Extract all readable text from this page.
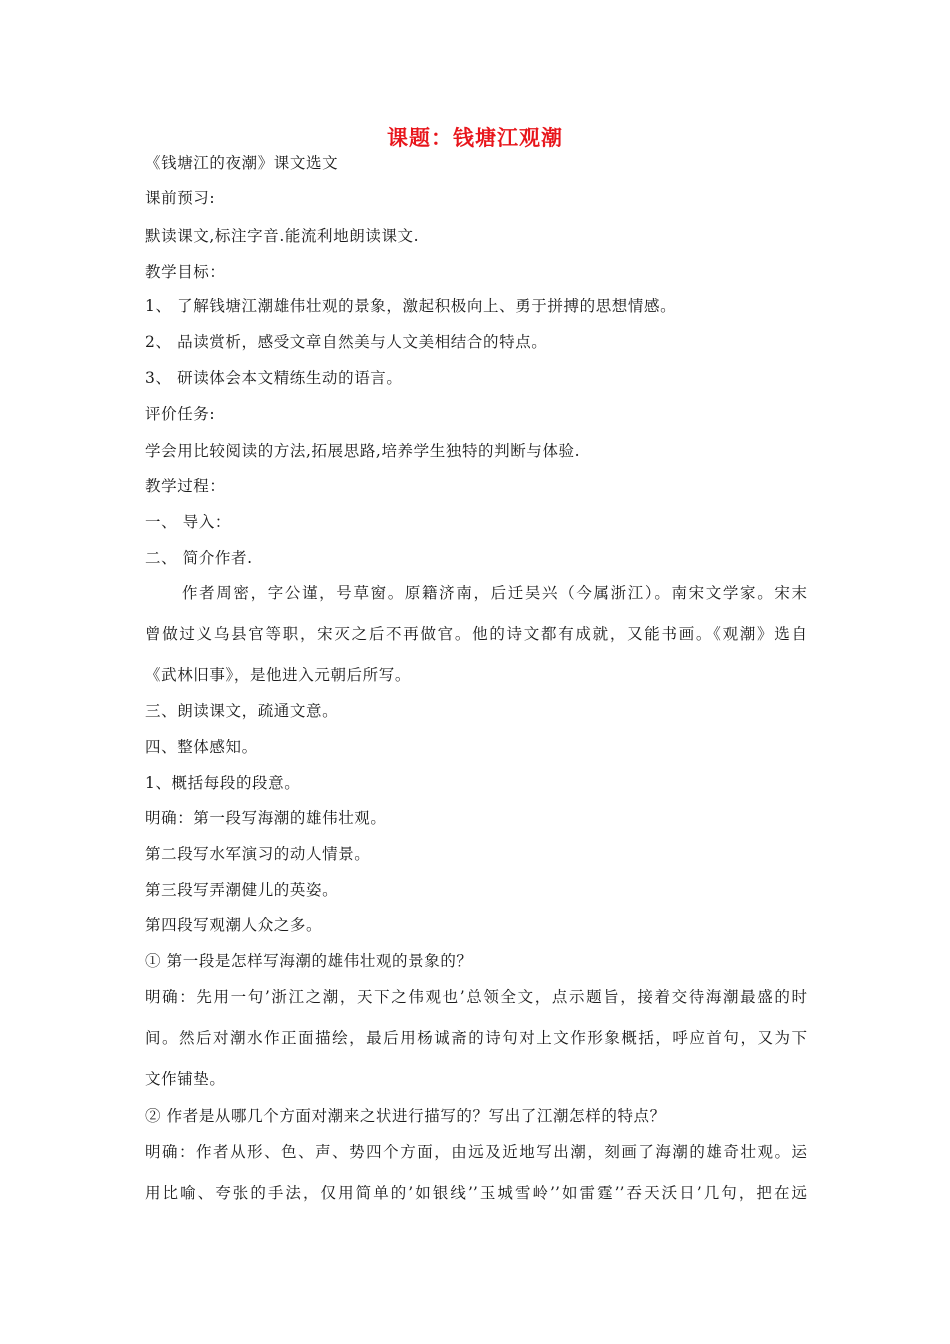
课题：钱塘江观潮
《钱塘江的夜潮》课文选文
课前预习:
默读课文,标注字音.能流利地朗读课文.
教学目标：
1、 了解钱塘江潮雄伟壮观的景象，激起积极向上、勇于拼搏的思想情感。
2、 品读赏析，感受文章自然美与人文美相结合的特点。
3、 研读体会本文精练生动的语言。
评价任务:
学会用比较阅读的方法,拓展思路,培养学生独特的判断与体验.
教学过程：
一、 导入：
二、 简介作者.
作者周密，字公谨，号草窗。原籍济南，后迁吴兴（今属浙江）。南宋文学家。宋末
曾做过义乌县官等职，宋灭之后不再做官。他的诗文都有成就，又能书画。《观潮》选自
《武林旧事》，是他进入元朝后所写。
三、朗读课文，疏通文意。
四、整体感知。
1、概括每段的段意。
明确：第一段写海潮的雄伟壮观。
第二段写水军演习的动人情景。
第三段写弄潮健儿的英姿。
第四段写观潮人众之多。
① 第一段是怎样写海潮的雄伟壮观的景象的？
明确：先用一句’浙江之潮，天下之伟观也’总领全文，点示题旨，接着交待海潮最盛的时
间。然后对潮水作正面描绘，最后用杨诚斋的诗句对上文作形象概括，呼应首句，又为下
文作铺垫。
② 作者是从哪几个方面对潮来之状进行描写的？写出了江潮怎样的特点？
明确：作者从形、色、声、势四个方面，由远及近地写出潮，刻画了海潮的雄奇壮观。运
用比喻、夸张的手法，仅用简单的’如银线’’玉城雪岭’’如雷霆’’吞天沃日’几句，把在远
